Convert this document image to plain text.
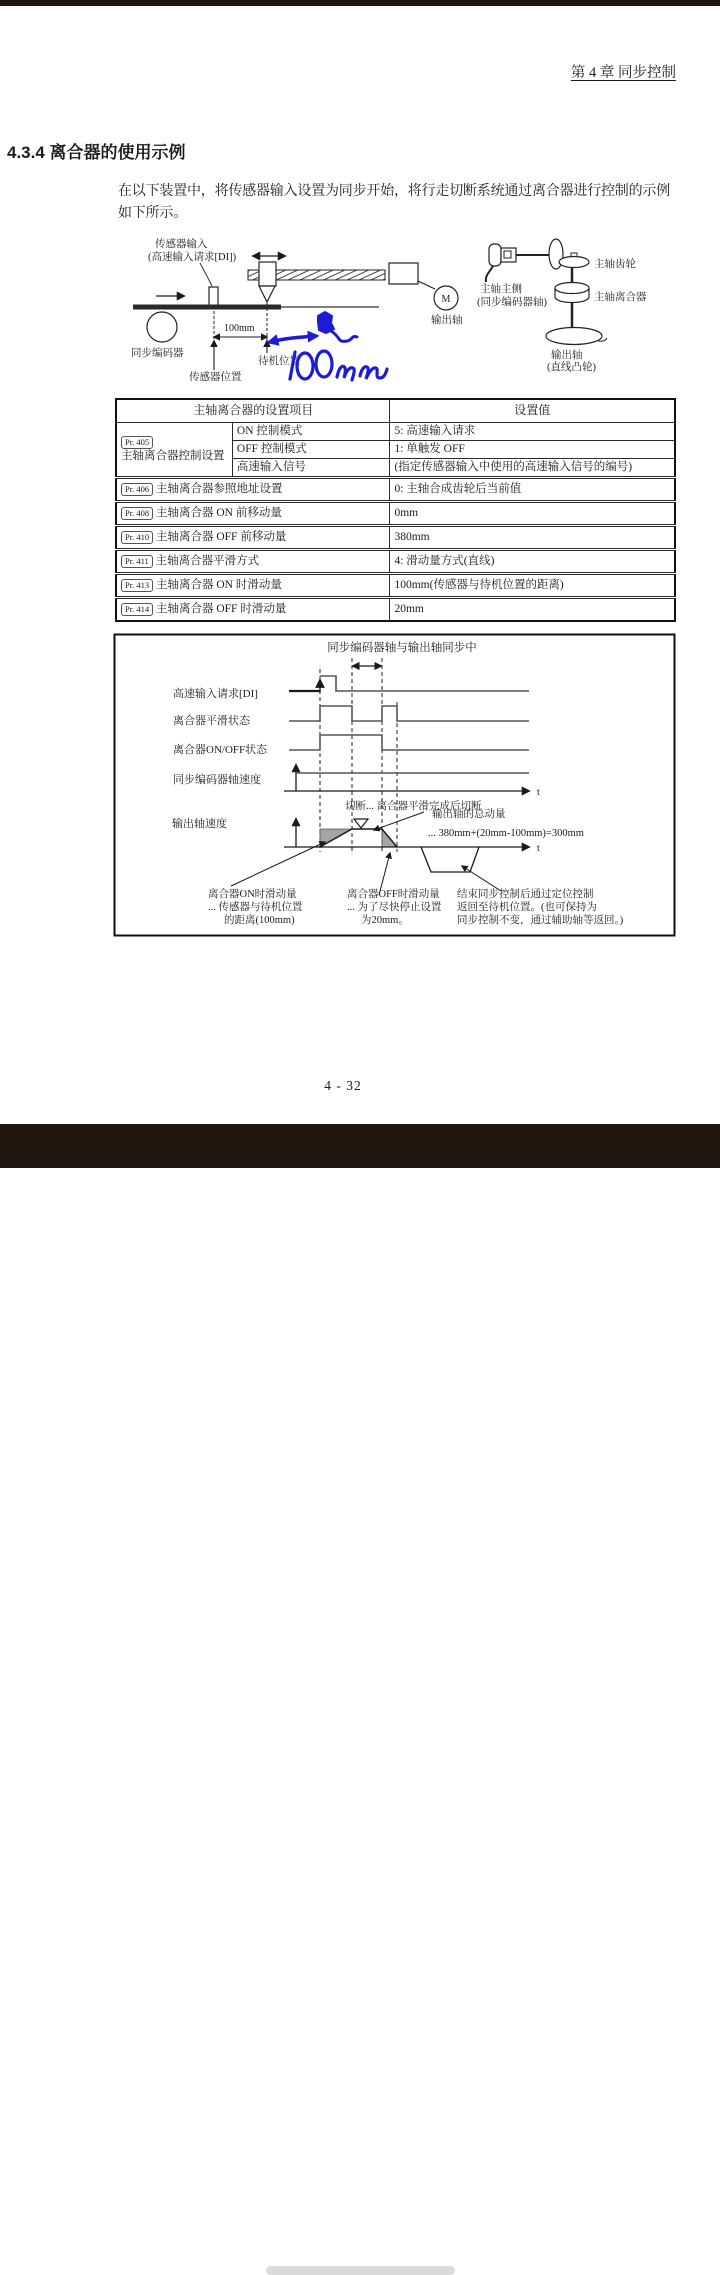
第 4 章 同步控制
4.3.4 离合器的使用示例
在以下装置中，将传感器输入设置为同步开始，将行走切断系统通过离合器进行控制的示例
如下所示。
传感器输入
(高速输入请求[DI])
同步编码器
M
输出轴
100mm
待机位置
传感器位置
主轴齿轮
主轴主侧
(同步编码器轴)	主轴离合器
输出轴
(直线凸轮)
主轴离合器的设置项目		设置值
Pr. 405
主轴离合器控制设置	ON 控制模式	5: 高速输入请求
	OFF 控制模式	1: 单触发 OFF
	高速输入信号	(指定传感器输入中使用的高速输入信号的编号)
Pr. 406 主轴离合器参照地址设置		0: 主轴合成齿轮后当前值
Pr. 408 主轴离合器 ON 前移动量		0mm
Pr. 410 主轴离合器 OFF 前移动量		380mm
Pr. 411 主轴离合器平滑方式		4: 滑动量方式(直线)
Pr. 413 主轴离合器 ON 时滑动量		100mm(传感器与待机位置的距离)
Pr. 414 主轴离合器 OFF 时滑动量		20mm
同步编码器轴与输出轴同步中
高速输入请求[DI]
离合器平滑状态
离合器ON/OFF状态
同步编码器轴速度
输出轴速度
t
t
切断... 离合器平滑完成后切断
输出轴的总动量
... 380mm+(20mm-100mm)=300mm
离合器ON时滑动量
... 传感器与待机位置
的距离(100mm)
离合器OFF时滑动量
... 为了尽快停止设置
为20mm。
结束同步控制后通过定位控制
返回至待机位置。(也可保持为
同步控制不变，通过辅助轴等返回。)
4 - 32
